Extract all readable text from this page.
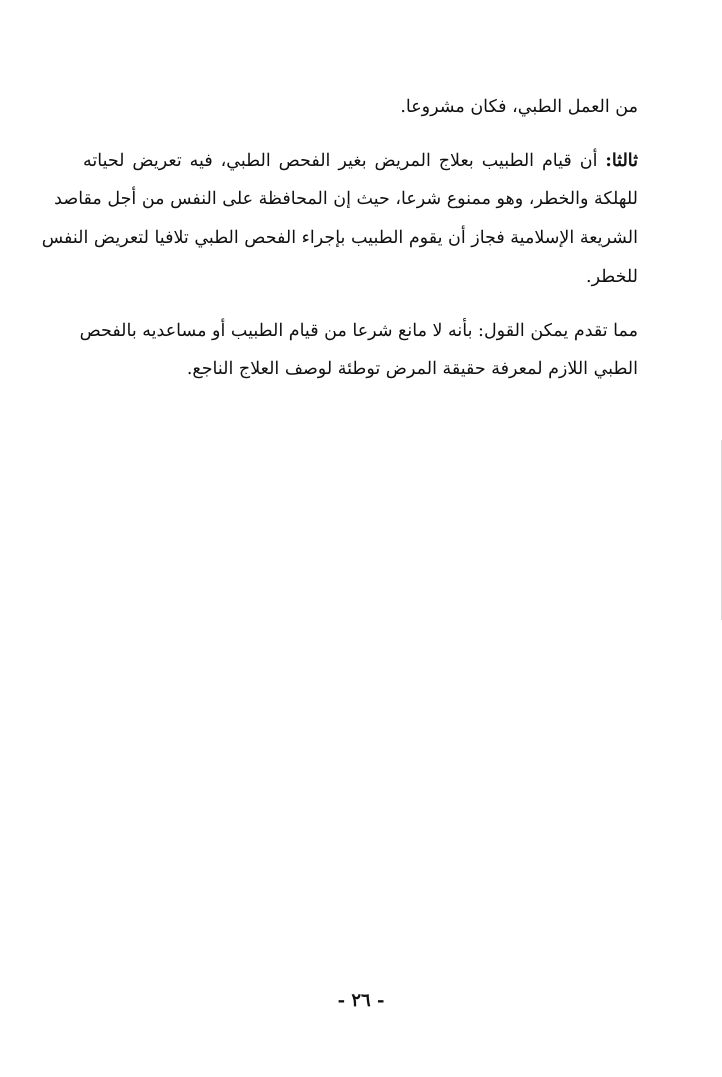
من العمل الطبي، فكان مشروعا.
ثالثا: أن قيام الطبيب بعلاج المريض بغير الفحص الطبي، فيه تعريض لحياته
للهلكة والخطر، وهو ممنوع شرعا، حيث إن المحافظة على النفس من أجل مقاصد
الشريعة الإسلامية فجاز أن يقوم الطبيب بإجراء الفحص الطبي تلافيا لتعريض النفس
للخطر.
مما تقدم يمكن القول: بأنه لا مانع شرعا من قيام الطبيب أو مساعديه بالفحص
الطبي اللازم لمعرفة حقيقة المرض توطئة لوصف العلاج الناجع.
- ٢٦ -
